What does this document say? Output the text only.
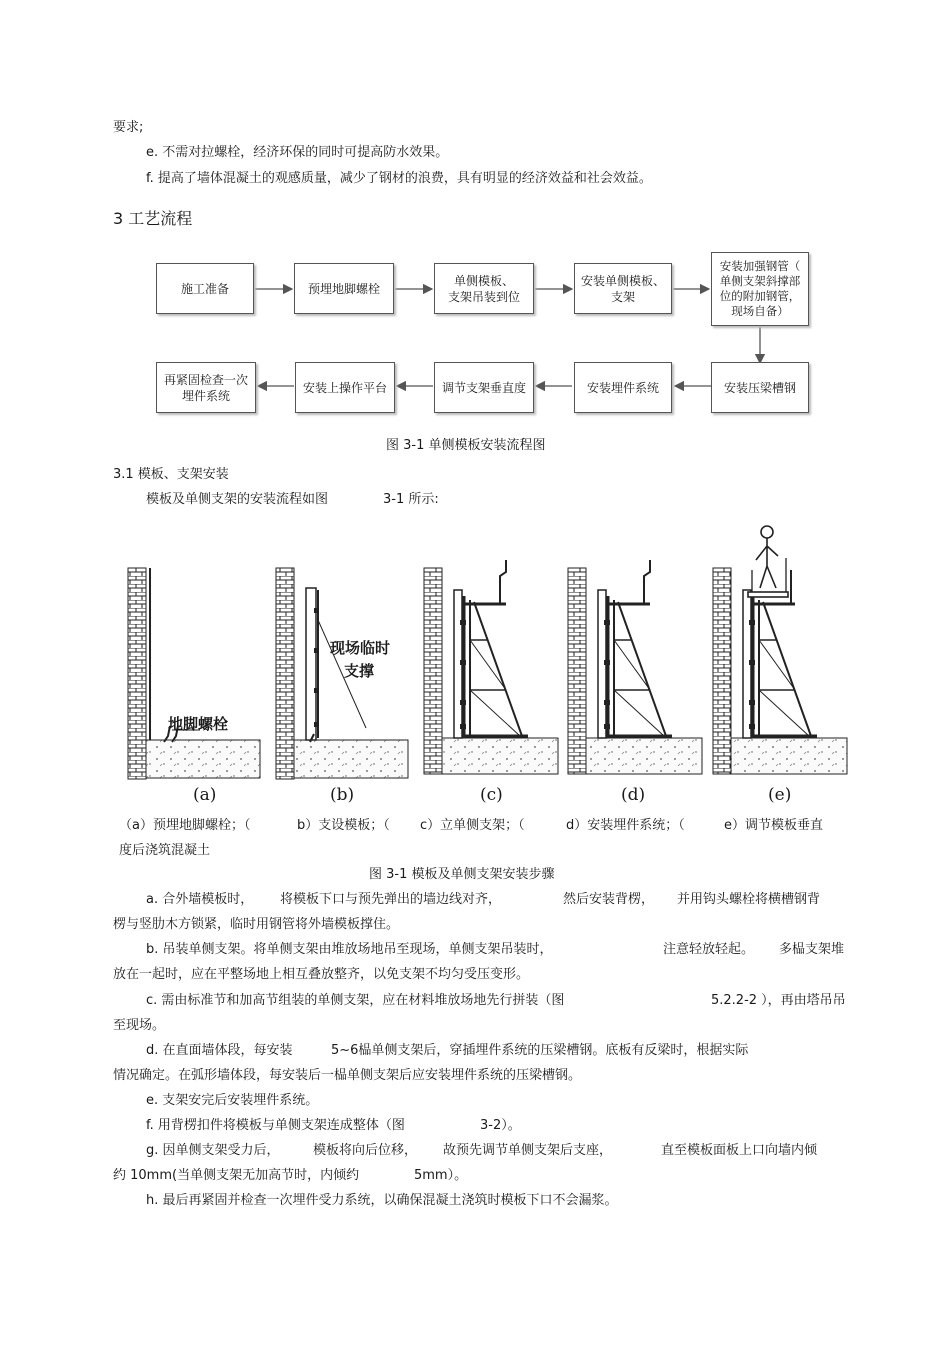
要求;
e. 不需对拉螺栓，经济环保的同时可提高防水效果。
f. 提高了墙体混凝土的观感质量，减少了钢材的浪费，具有明显的经济效益和社会效益。
3 工艺流程
施工准备	预埋地脚螺栓
单侧模板、
支架吊装到位
安装单侧模板、
支架
安装加强钢管（
单侧支架斜撑部
位的附加钢管，
现场自备）
再紧固检查一次
埋件系统
安装上操作平台	调节支架垂直度	安装埋件系统	安装压梁槽钢
图 3-1 单侧模板安装流程图
3.1 模板、支架安装
模板及单侧支架的安装流程如图	3-1 所示:
地脚螺栓
现场临时
支撑
(a)	(b)	(c)	(d)	(e)
（a）预埋地脚螺栓；（	b）支设模板；（ c）立单侧支架；（	d）安装埋件系统；（	e）调节模板垂直
度后浇筑混凝土
图 3-1 模板及单侧支架安装步骤
a. 合外墙模板时， 将模板下口与预先弹出的墙边线对齐，	然后安装背楞， 并用钩头螺栓将横槽钢背
楞与竖肋木方锁紧，临时用钢管将外墙模板撑住。
b. 吊装单侧支架。将单侧支架由堆放场地吊至现场，单侧支架吊装时，	注意轻放轻起。 多榀支架堆
放在一起时，应在平整场地上相互叠放整齐，以免支架不均匀受压变形。
c. 需由标准节和加高节组装的单侧支架，应在材料堆放场地先行拼装（图	5.2.2-2 ），再由塔吊吊
至现场。
d. 在直面墙体段，每安装	5~6榀单侧支架后，穿插埋件系统的压梁槽钢。底板有反梁时，根据实际
情况确定。在弧形墙体段，每安装后一榀单侧支架后应安装埋件系统的压梁槽钢。
e. 支架安完后安装埋件系统。
f. 用背楞扣件将模板与单侧支架连成整体（图	3-2）。
g. 因单侧支架受力后，	模板将向后位移， 故预先调节单侧支架后支座，	直至模板面板上口向墙内倾
约 10mm(当单侧支架无加高节时，内倾约	5mm）。
h. 最后再紧固并检查一次埋件受力系统，以确保混凝土浇筑时模板下口不会漏浆。
